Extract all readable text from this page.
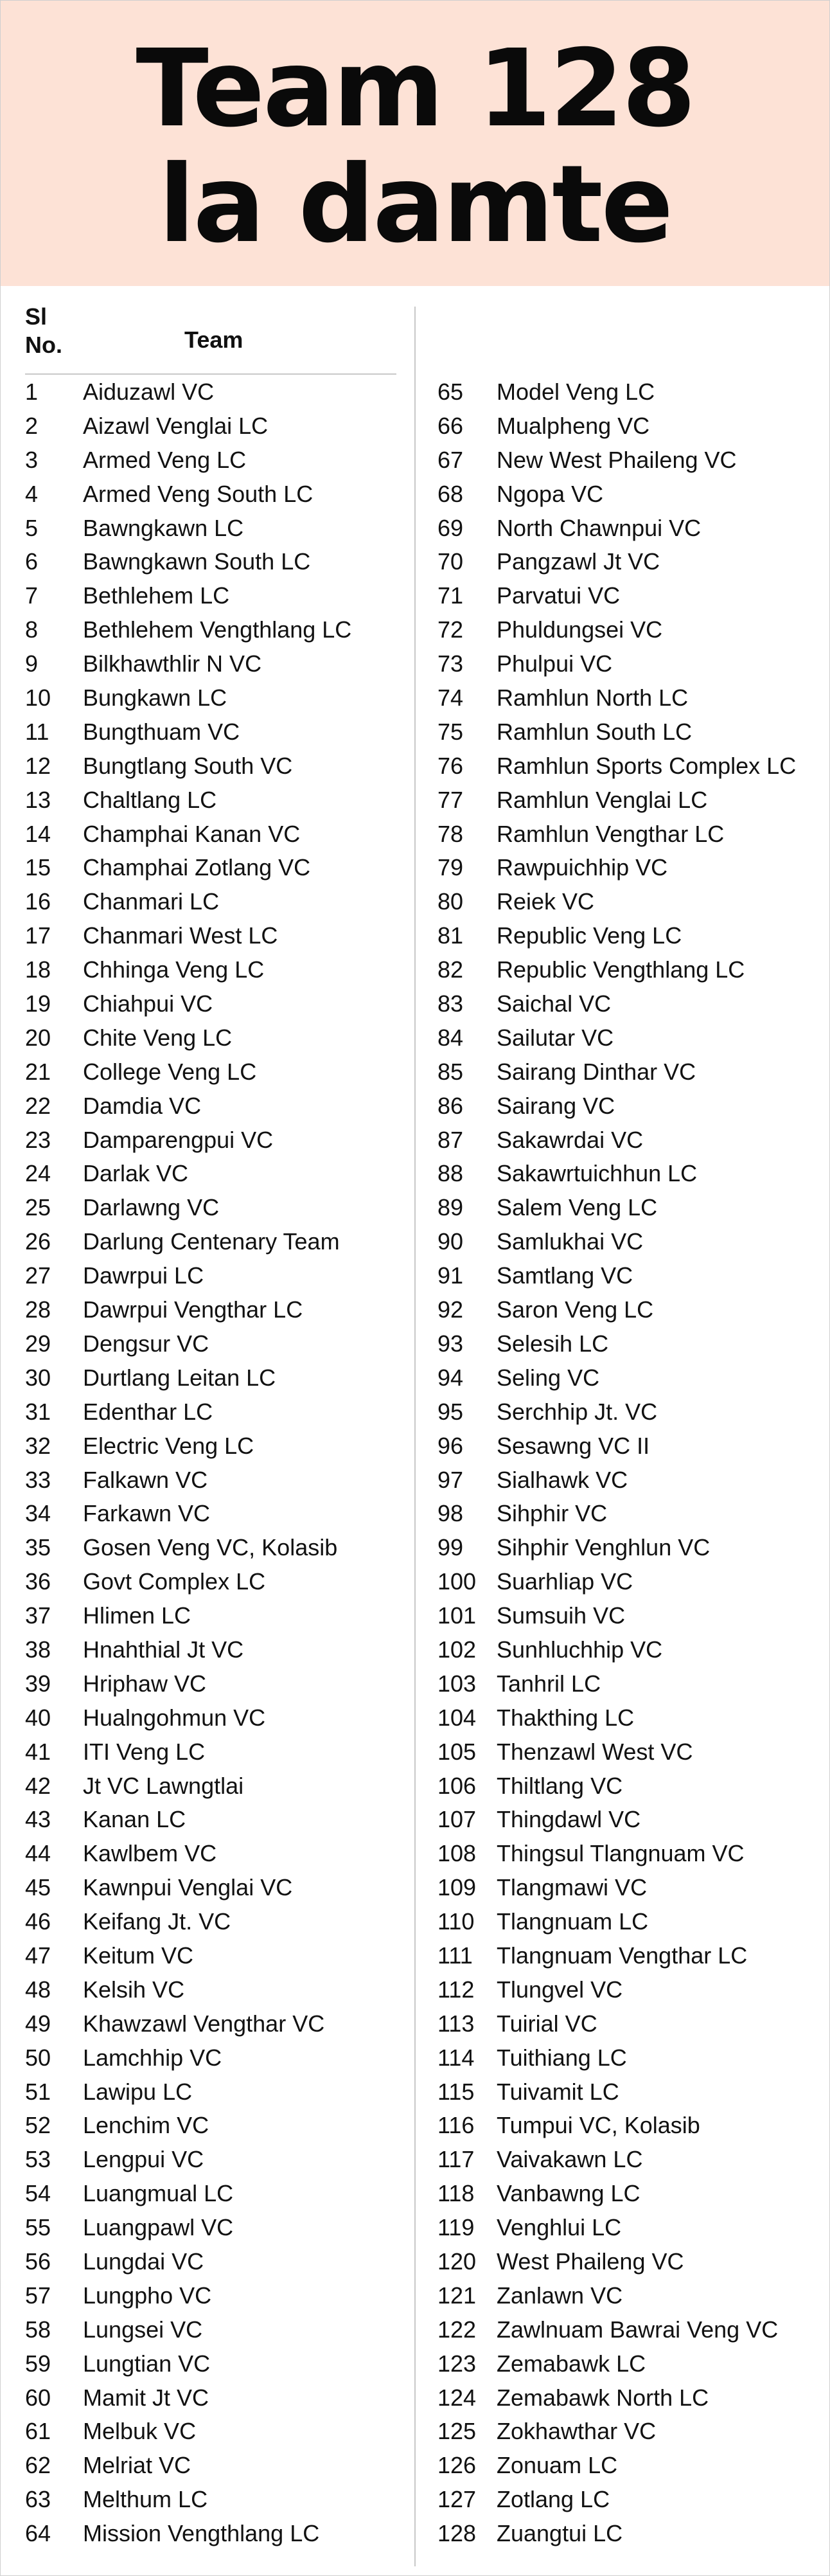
Team 128
la damte
Sl
No.	Team
1 Aiduzawl VC
2 Aizawl Venglai LC
3 Armed Veng LC
4 Armed Veng South LC
5 Bawngkawn LC
6 Bawngkawn South LC
7 Bethlehem LC
8 Bethlehem Vengthlang LC
9 Bilkhawthlir N VC
10 Bungkawn LC
11 Bungthuam VC
12 Bungtlang South VC
13 Chaltlang LC
14 Champhai Kanan VC
15 Champhai Zotlang VC
16 Chanmari LC
17 Chanmari West LC
18 Chhinga Veng LC
19 Chiahpui VC
20 Chite Veng LC
21 College Veng LC
22 Damdia VC
23 Damparengpui VC
24 Darlak VC
25 Darlawng VC
26 Darlung Centenary Team
27 Dawrpui LC
28 Dawrpui Vengthar LC
29 Dengsur VC
30 Durtlang Leitan LC
31 Edenthar LC
32 Electric Veng LC
33 Falkawn VC
34 Farkawn VC
35 Gosen Veng VC, Kolasib
36 Govt Complex LC
37 Hlimen LC
38 Hnahthial Jt VC
39 Hriphaw VC
40 Hualngohmun VC
41 ITI Veng LC
42 Jt VC Lawngtlai
43 Kanan LC
44 Kawlbem VC
45 Kawnpui Venglai VC
46 Keifang Jt. VC
47 Keitum VC
48 Kelsih VC
49 Khawzawl Vengthar VC
50 Lamchhip VC
51 Lawipu LC
52 Lenchim VC
53 Lengpui VC
54 Luangmual LC
55 Luangpawl VC
56 Lungdai VC
57 Lungpho VC
58 Lungsei VC
59 Lungtian VC
60 Mamit Jt VC
61 Melbuk VC
62 Melriat VC
63 Melthum LC
64 Mission Vengthlang LC
65 Model Veng LC
66 Mualpheng VC
67 New West Phaileng VC
68 Ngopa VC
69 North Chawnpui VC
70 Pangzawl Jt VC
71 Parvatui VC
72 Phuldungsei VC
73 Phulpui VC
74 Ramhlun North LC
75 Ramhlun South LC
76 Ramhlun Sports Complex LC
77 Ramhlun Venglai LC
78 Ramhlun Vengthar LC
79 Rawpuichhip VC
80 Reiek VC
81 Republic Veng LC
82 Republic Vengthlang LC
83 Saichal VC
84 Sailutar VC
85 Sairang Dinthar VC
86 Sairang VC
87 Sakawrdai VC
88 Sakawrtuichhun LC
89 Salem Veng LC
90 Samlukhai VC
91 Samtlang VC
92 Saron Veng LC
93 Selesih LC
94 Seling VC
95 Serchhip Jt. VC
96 Sesawng VC II
97 Sialhawk VC
98 Sihphir VC
99 Sihphir Venghlun VC
100 Suarhliap VC
101 Sumsuih VC
102 Sunhluchhip VC
103 Tanhril LC
104 Thakthing LC
105 Thenzawl West VC
106 Thiltlang VC
107 Thingdawl VC
108 Thingsul Tlangnuam VC
109 Tlangmawi VC
110 Tlangnuam LC
111 Tlangnuam Vengthar LC
112 Tlungvel VC
113 Tuirial VC
114 Tuithiang LC
115 Tuivamit LC
116 Tumpui VC, Kolasib
117 Vaivakawn LC
118 Vanbawng LC
119 Venghlui LC
120 West Phaileng VC
121 Zanlawn VC
122 Zawlnuam Bawrai Veng VC
123 Zemabawk LC
124 Zemabawk North LC
125 Zokhawthar VC
126 Zonuam LC
127 Zotlang LC
128 Zuangtui LC
